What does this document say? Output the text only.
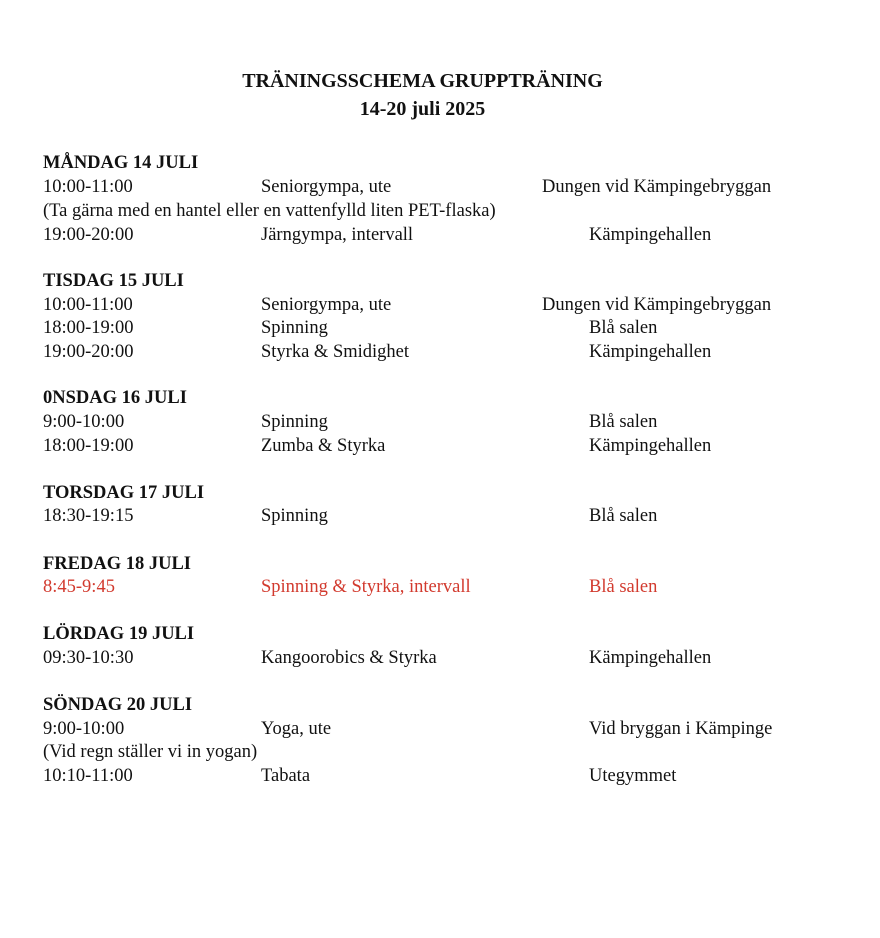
TRÄNINGSSCHEMA GRUPPTRÄNING
14-20 juli 2025
MÅNDAG 14 JULI
10:00-11:00	Seniorgympa, ute	Dungen vid Kämpingebryggan
(Ta gärna med en hantel eller en vattenfylld liten PET-flaska)
19:00-20:00	Järngympa, intervall	Kämpingehallen
TISDAG 15 JULI
10:00-11:00	Seniorgympa, ute	Dungen vid Kämpingebryggan
18:00-19:00	Spinning	Blå salen
19:00-20:00	Styrka & Smidighet	Kämpingehallen
0NSDAG 16 JULI
9:00-10:00	Spinning	Blå salen
18:00-19:00	Zumba & Styrka	Kämpingehallen
TORSDAG 17 JULI
18:30-19:15	Spinning	Blå salen
FREDAG 18 JULI
8:45-9:45	Spinning & Styrka, intervall	Blå salen
LÖRDAG 19 JULI
09:30-10:30	Kangoorobics & Styrka	Kämpingehallen
SÖNDAG 20 JULI
9:00-10:00	Yoga, ute	Vid bryggan i Kämpinge
(Vid regn ställer vi in yogan)
10:10-11:00	Tabata	Utegymmet
